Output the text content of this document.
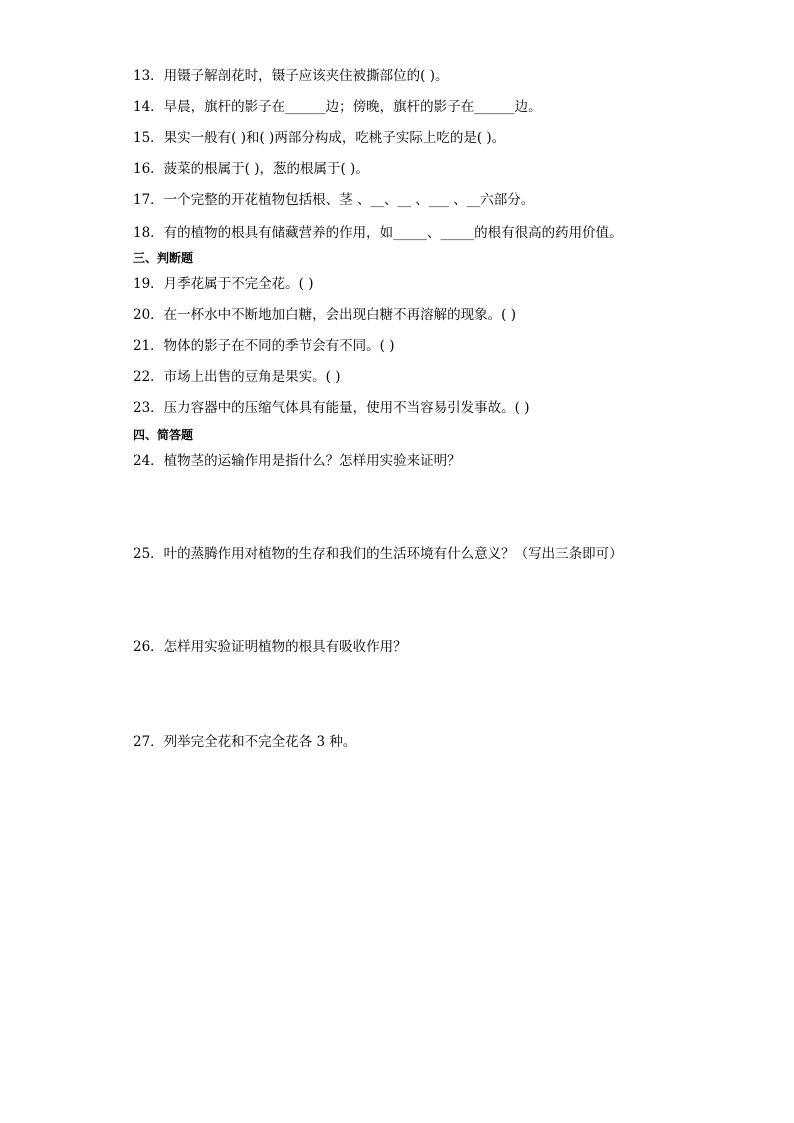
13．用镊子解剖花时，镊子应该夹住被撕部位的( )。
14．早晨，旗杆的影子在______边；傍晚，旗杆的影子在______边。
15．果实一般有( )和( )两部分构成，吃桃子实际上吃的是( )。
16．菠菜的根属于( )，葱的根属于( )。
17．一个完整的开花植物包括根、茎 、__、__ 、___ 、__六部分。
18．有的植物的根具有储藏营养的作用，如_____、_____的根有很高的药用价值。
三、判断题
19．月季花属于不完全花。( )
20．在一杯水中不断地加白糖，会出现白糖不再溶解的现象。( )
21．物体的影子在不同的季节会有不同。( )
22．市场上出售的豆角是果实。( )
23．压力容器中的压缩气体具有能量，使用不当容易引发事故。( )
四、简答题
24．植物茎的运输作用是指什么？怎样用实验来证明？
25．叶的蒸腾作用对植物的生存和我们的生活环境有什么意义？（写出三条即可）
26．怎样用实验证明植物的根具有吸收作用？
27．列举完全花和不完全花各 3 种。
